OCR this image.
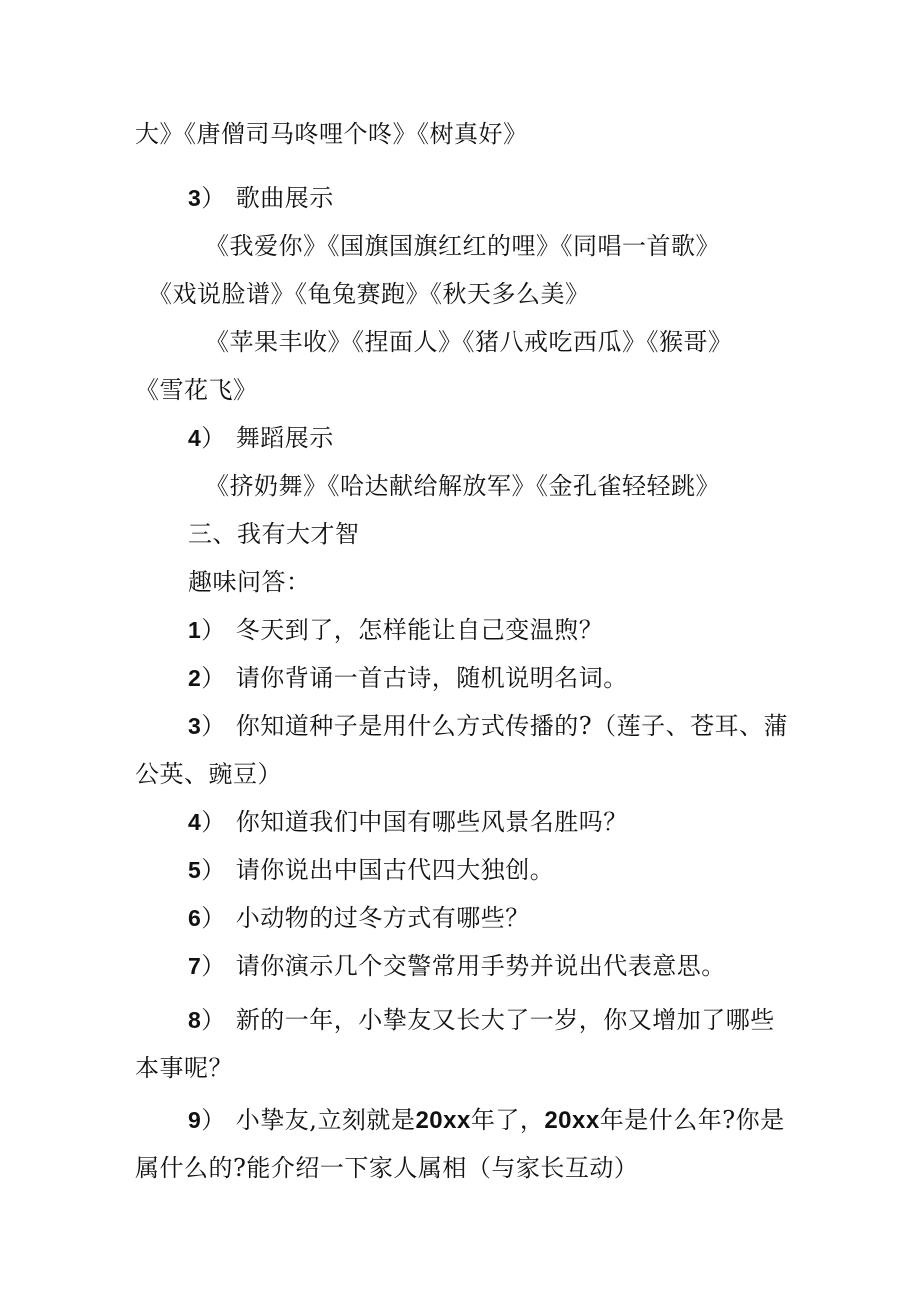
大》《唐僧司马咚哩个咚》《树真好》
3） 歌曲展示
《我爱你》《国旗国旗红红的哩》《同唱一首歌》
《戏说脸谱》《龟兔赛跑》《秋天多么美》
《苹果丰收》《捏面人》《猪八戒吃西瓜》《猴哥》
《雪花飞》
4） 舞蹈展示
《挤奶舞》《哈达献给解放军》《金孔雀轻轻跳》
三、我有大才智
趣味问答：
1） 冬天到了，怎样能让自己变温煦？
2） 请你背诵一首古诗，随机说明名词。
3） 你知道种子是用什么方式传播的?（莲子、苍耳、蒲
公英、豌豆）
4） 你知道我们中国有哪些风景名胜吗？
5） 请你说出中国古代四大独创。
6） 小动物的过冬方式有哪些？
7） 请你演示几个交警常用手势并说出代表意思。
8） 新的一年，小挚友又长大了一岁，你又增加了哪些
本事呢？
9） 小挚友,立刻就是20xx年了，20xx年是什么年?你是
属什么的?能介绍一下家人属相（与家长互动）
